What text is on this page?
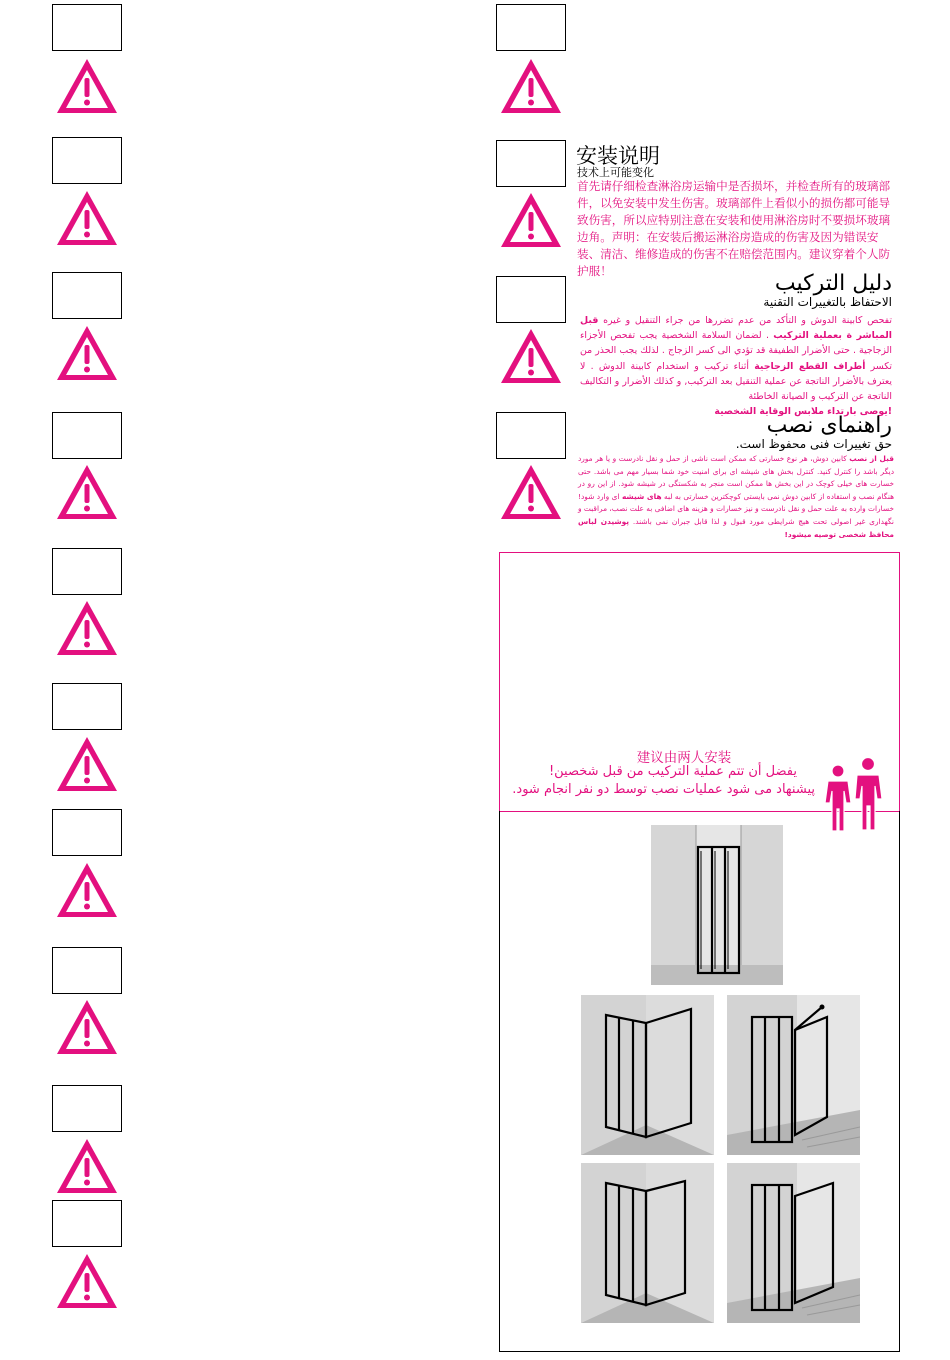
安装说明
技术上可能变化
首先请仔细检查淋浴房运输中是否损坏，并检查所有的玻璃部件，以免安装中发生伤害。玻璃部件上看似小的损伤都可能导致伤害，所以应特别注意在安装和使用淋浴房时不要损坏玻璃边角。声明：在安装后搬运淋浴房造成的伤害及因为错误安装、清洁、维修造成的伤害不在赔偿范围内。建议穿着个人防护服！	دليل التركيب
الاحتفاظ بالتغييرات التقنية
تفحص كابينة الدوش و التأكد من عدم تضررها من جراء التنقيل و غيره قبل المباشر ة بعملية التركيب . لضمان السلامة الشخصية يجب تفحص الأجزاء الزجاجية . حتى الأضرار الطفيفة قد تؤدي الى كسر الزجاج . لذلك يجب الحذر من تكسر أطراف القطع الزجاجية أثناء تركيب و استخدام كابينة الدوش . لا يعترف بالأضرار الناتجة عن عملية التنقيل بعد التركيب, و كذلك الأضرار و التكاليف الناتجة عن التركيب و الصيانة الخاطئة
!يوصى بارتداء ملابس الوقاية الشخصية
راهنمای نصب
حق تغییرات فنی محفوظ است.
قبل از نصب کابین دوش، هر نوع خسارتی که ممکن است ناشی از حمل و نقل نادرست و یا هر مورد دیگر باشد را کنترل کنید. کنترل بخش های شیشه ای برای امنیت خود شما بسیار مهم می باشد. حتی خسارت های خیلی کوچک در این بخش ها ممکن است منجر به شکستگی در شیشه شود. از این رو در هنگام نصب و استفاده از کابین دوش نمی بایستی کوچکترین خسارتی به لبه های شیشه ای وارد شود! خسارات وارده به علت حمل و نقل نادرست و نیز خسارات و هزینه های اضافی به علت نصب، مراقبت و نگهداری غیر اصولی تحت هیچ شرایطی مورد قبول و لذا قابل جبران نمی باشند. پوشیدن لباس محافظ شخصی توصیه میشود!
建议由两人安装
يفضل أن تتم عملية التركيب من قبل شخصين!
پیشنهاد می شود عملیات نصب توسط دو نفر انجام شود.
